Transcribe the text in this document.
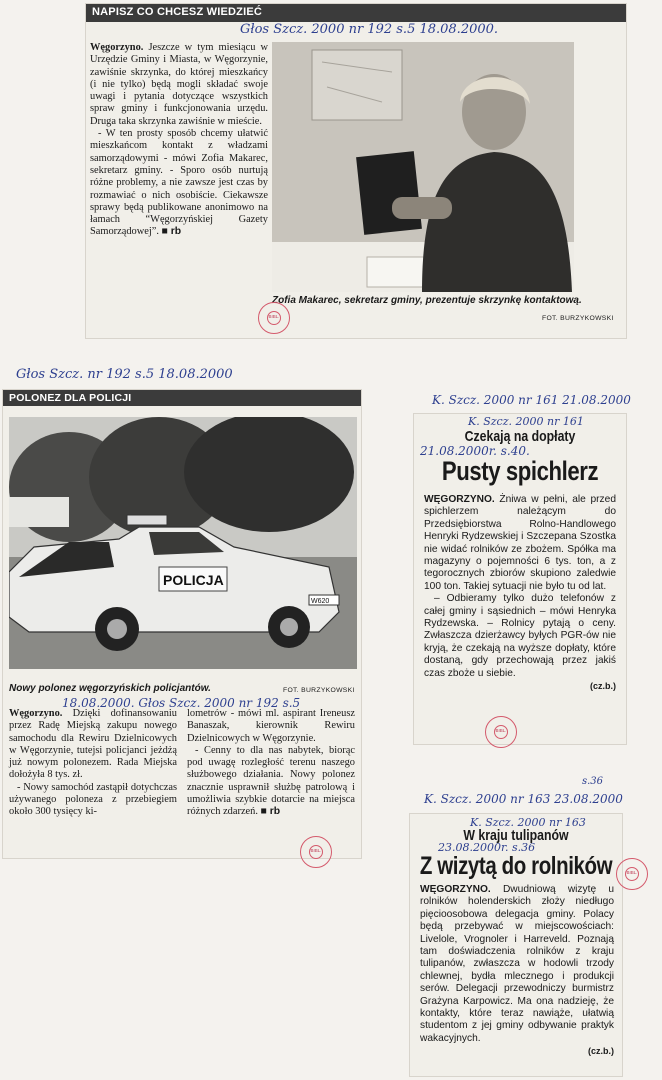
NAPISZ CO CHCESZ WIEDZIEĆ
Węgorzyno. Jeszcze w tym miesiącu w Urzędzie Gminy i Miasta, w Węgorzynie, zawiśnie skrzynka, do której mieszkańcy (i nie tylko) będą mogli składać swoje uwagi i pytania dotyczące wszystkich spraw gminy i funkcjonowania urzędu. Druga taka skrzynka zawiśnie w mieście.
- W ten prosty sposób chcemy ułatwić mieszkańcom kontakt z władzami samorządowymi - mówi Zofia Makarec, sekretarz gminy. - Sporo osób nurtują różne problemy, a nie zawsze jest czas by rozmawiać o nich osobiście. Ciekawsze sprawy będą publikowane anonimowo na łamach “Węgorzyńskiej Gazety Samorządowej”. ■ rb
Zofia Makarec, sekretarz gminy, prezentuje skrzynkę kontaktową.
FOT. BURZYKOWSKI
Głos Szcz. 2000 nr 192 s.5 18.08.2000.
BIBL.
Głos Szcz. nr 192 s.5 18.08.2000
POLONEZ DLA POLICJI
POLICJA
W620
Nowy polonez węgorzyńskich policjantów.	FOT. BURZYKOWSKI
Węgorzyno. Dzięki dofinansowaniu przez Radę Miejską zakupu nowego samochodu dla Rewiru Dzielnicowych w Węgorzynie, tutejsi policjanci jeżdżą już nowym polonezem. Rada Miejska dołożyła 8 tys. zł.
- Nowy samochód zastąpił dotychczas używanego poloneza z przebiegiem około 300 tysięcy ki-
lometrów - mówi ml. aspirant Ireneusz Banaszak, kierownik Rewiru Dzielnicowych w Węgorzynie.
- Cenny to dla nas nabytek, biorąc pod uwagę rozległość terenu naszego służbowego działania. Nowy polonez znacznie usprawnił służbę patrolową i umożliwia szybkie dotarcie na miejsca różnych zdarzeń. ■ rb
18.08.2000. Głos Szcz. 2000 nr 192 s.5
BIBL.
K. Szcz. 2000 nr 161 21.08.2000
K. Szcz. 2000 nr 161
Czekają na dopłaty
21.08.2000r. s.40.
Pusty spichlerz
WĘGORZYNO. Żniwa w pełni, ale przed spichlerzem należącym do Przedsiębiorstwa Rolno-Handlowego Henryki Rydzewskiej i Szczepana Szostka nie widać rolników ze zbożem. Spółka ma magazyny o pojemności 6 tys. ton, a z tegorocznych zbiorów skupiono zaledwie 100 ton. Takiej sytuacji nie było tu od lat.
– Odbieramy tylko dużo telefonów z całej gminy i sąsiednich – mówi Henryka Rydzewska. – Rolnicy pytają o ceny. Zwłaszcza dzierżawcy byłych PGR-ów nie kryją, że czekają na wyższe dopłaty, które dostaną, gdy przechowają przez jakiś czas zboże u siebie.
(cz.b.)
BIBL.
s.36
K. Szcz. 2000 nr 163 23.08.2000
K. Szcz. 2000 nr 163
W kraju tulipanów
23.08.2000r. s.36
Z wizytą do rolników
WĘGORZYNO. Dwudniową wizytę u rolników holenderskich złoży niedługo pięcioosobowa delegacja gminy. Polacy będą przebywać w miejscowościach: Livelole, Vrognoler i Harreveld. Poznają tam doświadczenia rolników z kraju tulipanów, zwłaszcza w hodowli trzody chlewnej, bydła mlecznego i produkcji serów. Delegacji przewodniczy burmistrz Grażyna Karpowicz. Ma ona nadzieję, że kontakty, które teraz nawiąże, ułatwią studentom z jej gminy odbywanie praktyk wakacyjnych.
(cz.b.)
BIBL.
